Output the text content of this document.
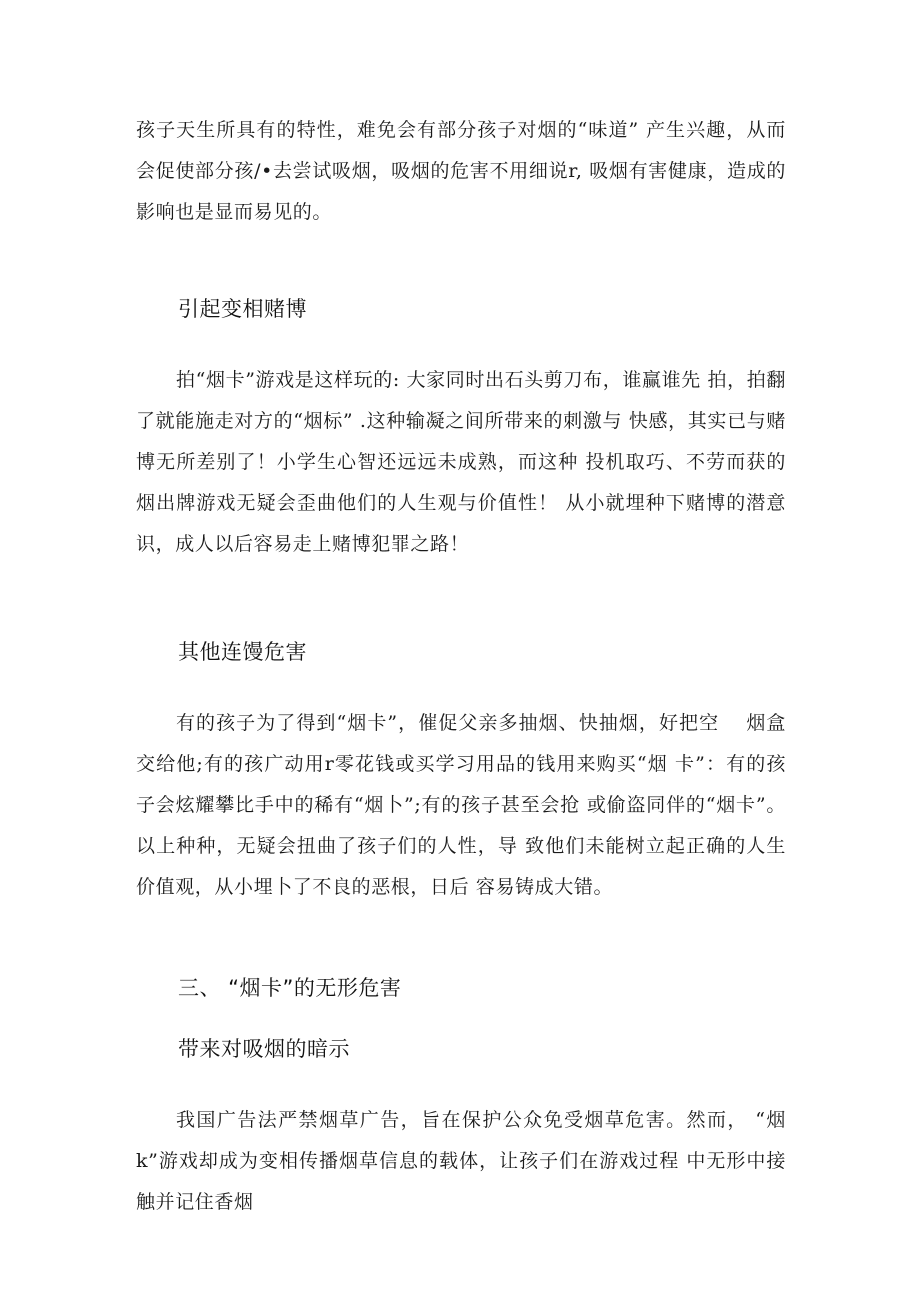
孩子天生所具有的特性，难免会有部分孩子对烟的“味道” 产生兴趣，从而会促使部分孩/•去尝试吸烟，吸烟的危害不用细说r, 吸烟有害健康，造成的影响也是显而易见的。

引起变相赌博

拍“烟卡”游戏是这样玩的: 大家同时出石头剪刀布，谁赢谁先 拍，拍翻了就能施走对方的“烟标” .这种输凝之间所带来的刺激与 快感，其实已与赌博无所差别了！小学生心智还远远未成熟，而这种 投机取巧、不劳而获的烟出牌游戏无疑会歪曲他们的人生观与价值性！ 从小就埋种下赌博的潜意识，成人以后容易走上赌博犯罪之路！

其他连馒危害

有的孩子为了得到“烟卡”，催促父亲多抽烟、快抽烟，好把空　 烟盒交给他;有的孩广动用r零花钱或买学习用品的钱用来购买“烟 卡”：有的孩子会炫耀攀比手中的稀有“烟卜”;有的孩子甚至会抢 或偷盗同伴的“烟卡”。以上种种，无疑会扭曲了孩子们的人性，导 致他们未能树立起正确的人生价值观，从小埋卜了不良的恶根，日后 容易铸成大错。

三、 “烟卡”的无形危害
带来对吸烟的暗示

我国广告法严禁烟草广告，旨在保护公众免受烟草危害。然而， “烟k”游戏却成为变相传播烟草信息的载体，让孩子们在游戏过程 中无形中接触并记住香烟
